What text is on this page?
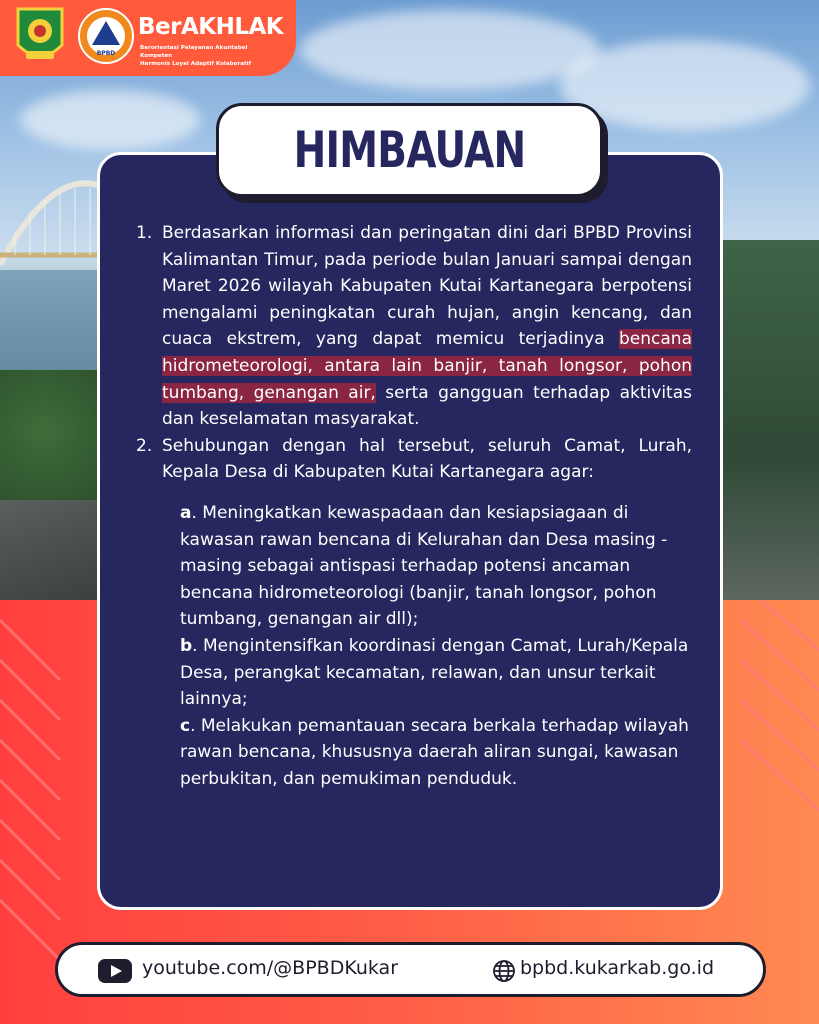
BPBD
BerAKHLAK
Berorientasi Pelayanan Akuntabel Kompeten
Harmonis Loyal Adaptif Kolaboratif
HIMBAUAN
1. Berdasarkan informasi dan peringatan dini dari BPBD Provinsi Kalimantan Timur, pada periode bulan Januari sampai dengan Maret 2026 wilayah Kabupaten Kutai Kartanegara berpotensi mengalami peningkatan curah hujan, angin kencang, dan cuaca ekstrem, yang dapat memicu terjadinya bencana hidrometeorologi, antara lain banjir, tanah longsor, pohon tumbang, genangan air, serta gangguan terhadap aktivitas dan keselamatan masyarakat.
2. Sehubungan dengan hal tersebut, seluruh Camat, Lurah, Kepala Desa di Kabupaten Kutai Kartanegara agar:

a. Meningkatkan kewaspadaan dan kesiapsiagaan di kawasan rawan bencana di Kelurahan dan Desa masing - masing sebagai antispasi terhadap potensi ancaman bencana hidrometeorologi (banjir, tanah longsor, pohon tumbang, genangan air dll);

b. Mengintensifkan koordinasi dengan Camat, Lurah/Kepala Desa, perangkat kecamatan, relawan, dan unsur terkait lainnya;

c. Melakukan pemantauan secara berkala terhadap wilayah rawan bencana, khususnya daerah aliran sungai, kawasan perbukitan, dan pemukiman penduduk.

youtube.com/@BPBDKukar	bpbd.kukarkab.go.id
